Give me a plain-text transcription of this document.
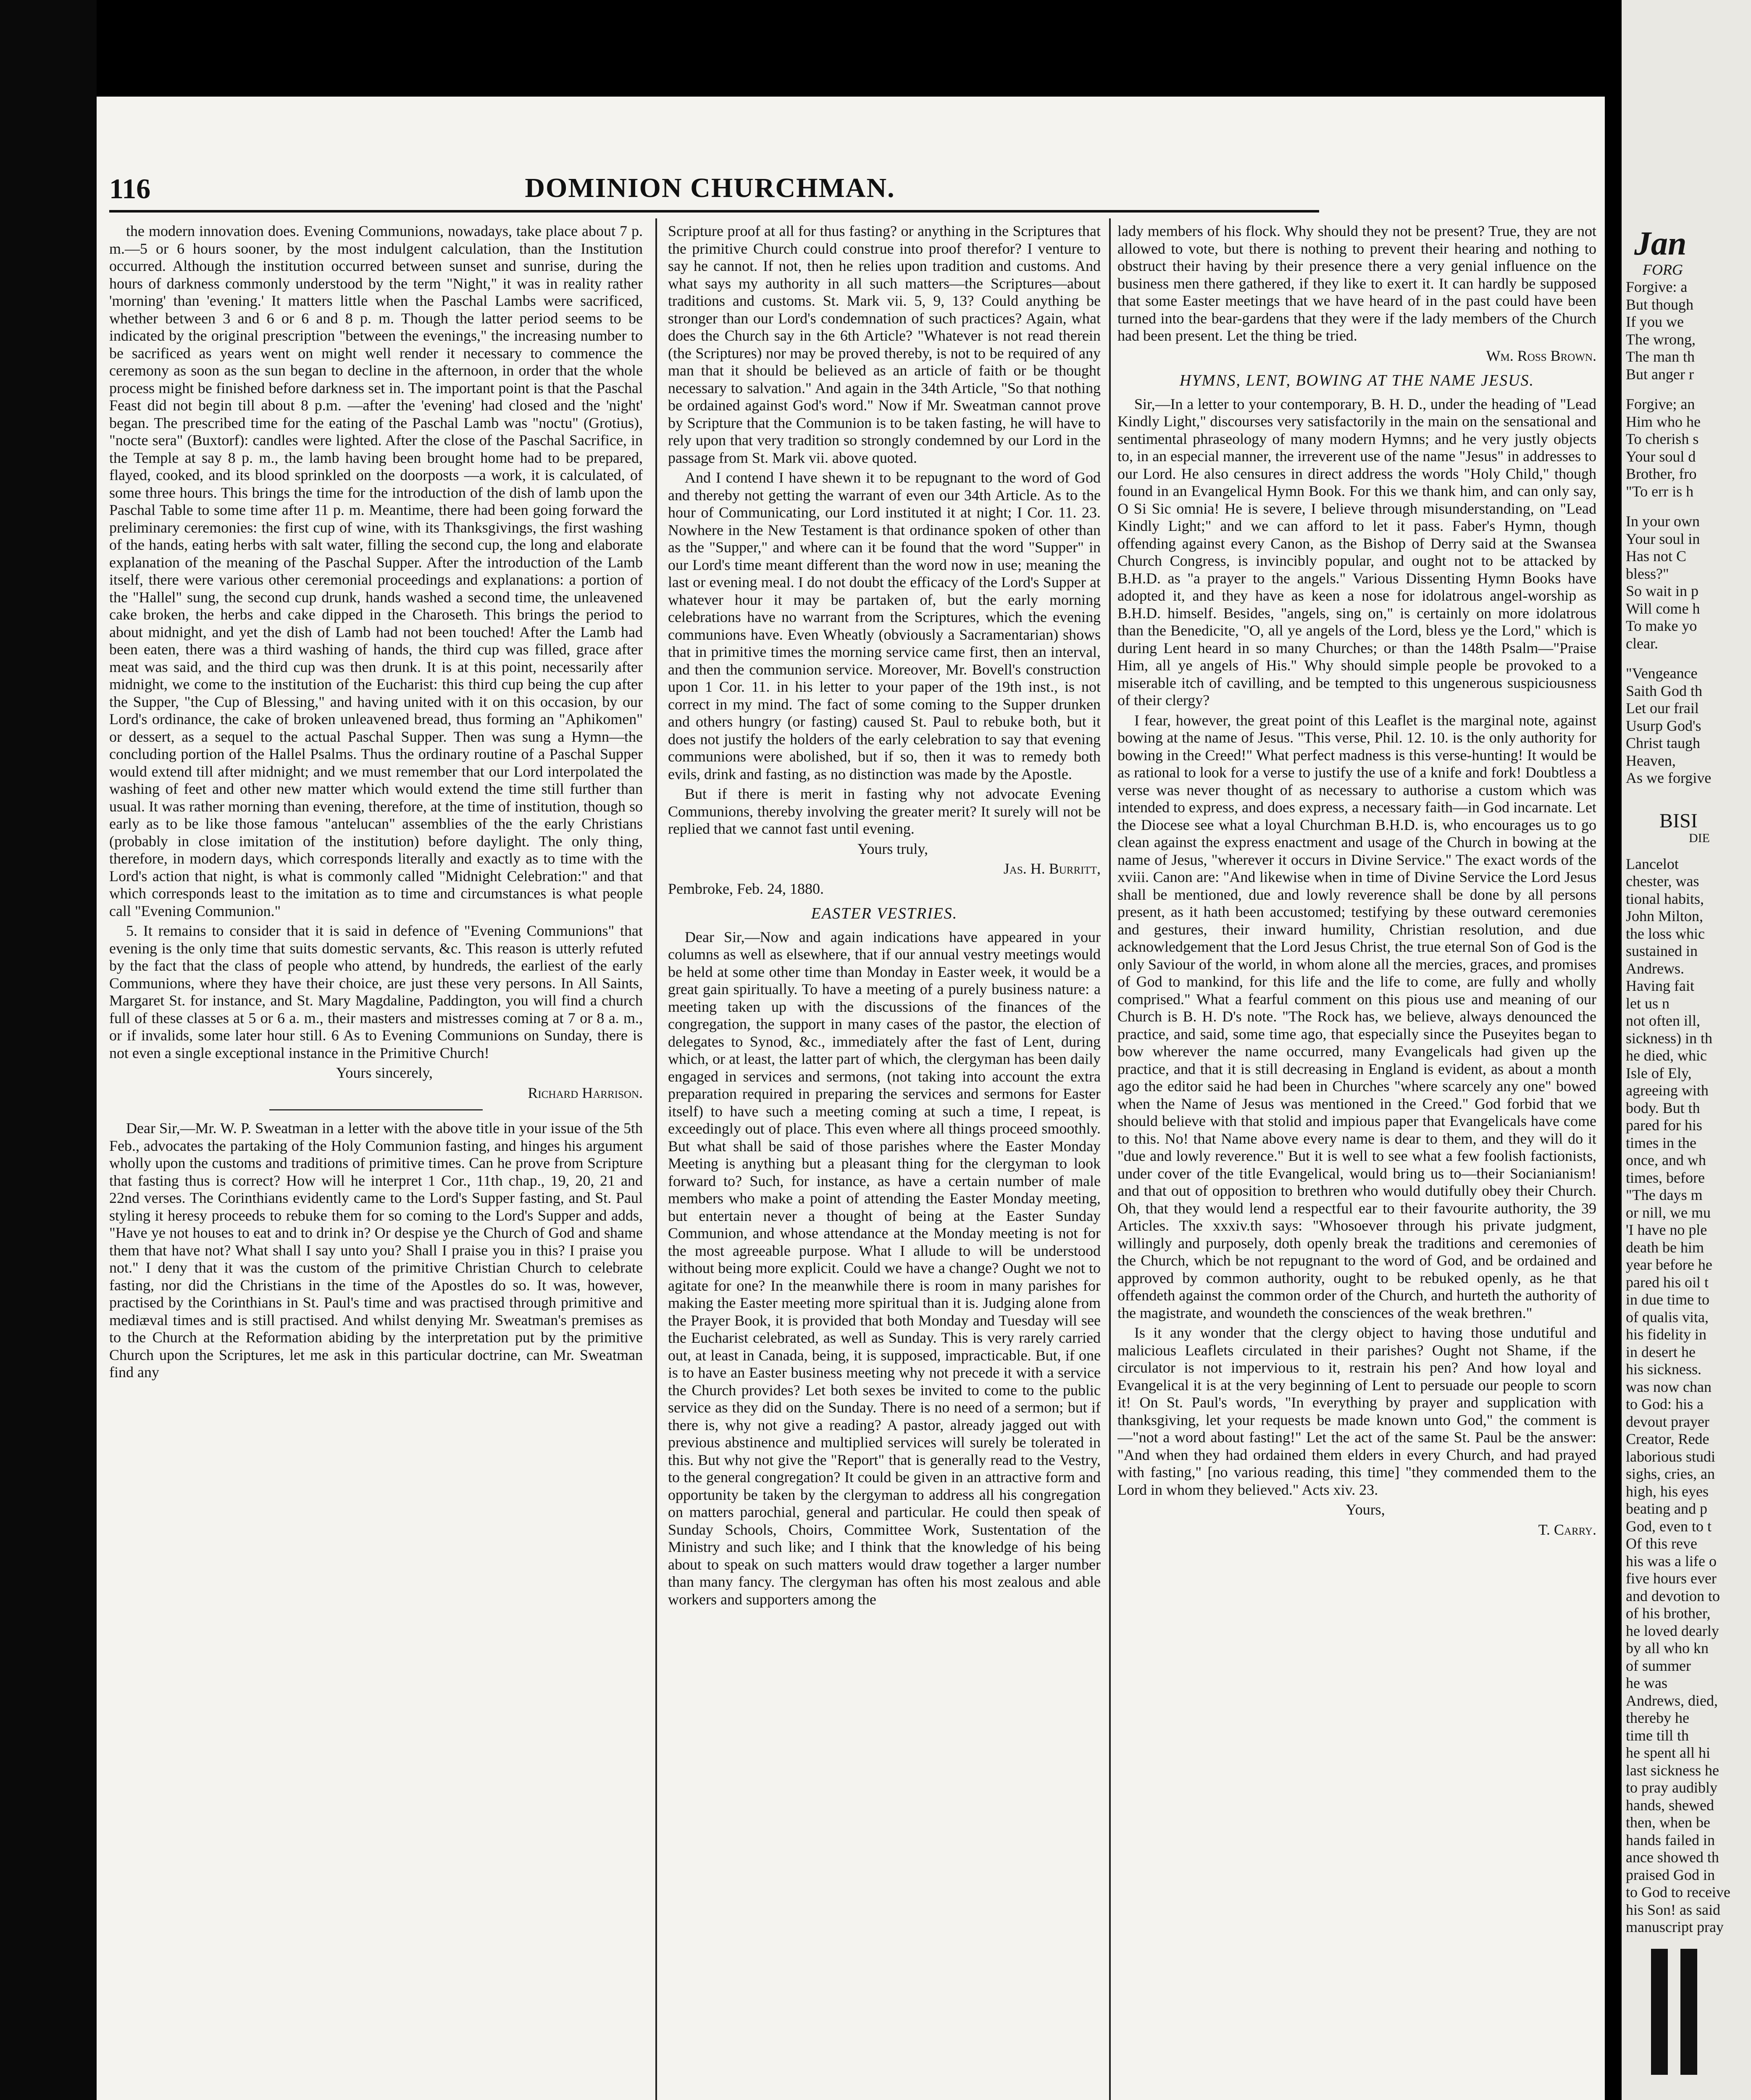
116	DOMINION CHURCHMAN.

the modern innovation does. Evening Communions, nowadays, take place about 7 p. m.—5 or 6 hours sooner, by the most indulgent calculation, than the Institution occurred. Although the institution occurred between sunset and sunrise, during the hours of darkness commonly understood by the term "Night," it was in reality rather 'morning' than 'evening.' It matters little when the Paschal Lambs were sacrificed, whether between 3 and 6 or 6 and 8 p. m. Though the latter period seems to be indicated by the original prescription "between the evenings," the increasing number to be sacrificed as years went on might well render it necessary to commence the ceremony as soon as the sun began to decline in the afternoon, in order that the whole process might be finished before darkness set in. The important point is that the Paschal Feast did not begin till about 8 p.m. —after the 'evening' had closed and the 'night' began. The prescribed time for the eating of the Paschal Lamb was "noctu" (Grotius), "nocte sera" (Buxtorf): candles were lighted. After the close of the Paschal Sacrifice, in the Temple at say 8 p. m., the lamb having been brought home had to be prepared, flayed, cooked, and its blood sprinkled on the doorposts —a work, it is calculated, of some three hours. This brings the time for the introduction of the dish of lamb upon the Paschal Table to some time after 11 p. m. Meantime, there had been going forward the preliminary ceremonies: the first cup of wine, with its Thanksgivings, the first washing of the hands, eating herbs with salt water, filling the second cup, the long and elaborate explanation of the meaning of the Paschal Supper. After the introduction of the Lamb itself, there were various other ceremonial proceedings and explanations: a portion of the "Hallel" sung, the second cup drunk, hands washed a second time, the unleavened cake broken, the herbs and cake dipped in the Charoseth. This brings the period to about midnight, and yet the dish of Lamb had not been touched! After the Lamb had been eaten, there was a third washing of hands, the third cup was filled, grace after meat was said, and the third cup was then drunk. It is at this point, necessarily after midnight, we come to the institution of the Eucharist: this third cup being the cup after the Supper, "the Cup of Blessing," and having united with it on this occasion, by our Lord's ordinance, the cake of broken unleavened bread, thus forming an "Aphikomen" or dessert, as a sequel to the actual Paschal Supper. Then was sung a Hymn—the concluding portion of the Hallel Psalms. Thus the ordinary routine of a Paschal Supper would extend till after midnight; and we must remember that our Lord interpolated the washing of feet and other new matter which would extend the time still further than usual. It was rather morning than evening, therefore, at the time of institution, though so early as to be like those famous "antelucan" assemblies of the the early Christians (probably in close imitation of the institution) before daylight. The only thing, therefore, in modern days, which corresponds literally and exactly as to time with the Lord's action that night, is what is commonly called "Midnight Celebration:" and that which corresponds least to the imitation as to time and circumstances is what people call "Evening Communion."

5. It remains to consider that it is said in defence of "Evening Communions" that evening is the only time that suits domestic servants, &c. This reason is utterly refuted by the fact that the class of people who attend, by hundreds, the earliest of the early Communions, where they have their choice, are just these very persons. In All Saints, Margaret St. for instance, and St. Mary Magdaline, Paddington, you will find a church full of these classes at 5 or 6 a. m., their masters and mistresses coming at 7 or 8 a. m., or if invalids, some later hour still. 6 As to Evening Communions on Sunday, there is not even a single exceptional instance in the Primitive Church!

Yours sincerely,

Richard Harrison.

Dear Sir,—Mr. W. P. Sweatman in a letter with the above title in your issue of the 5th Feb., advocates the partaking of the Holy Communion fasting, and hinges his argument wholly upon the customs and traditions of primitive times. Can he prove from Scripture that fasting thus is correct? How will he interpret 1 Cor., 11th chap., 19, 20, 21 and 22nd verses. The Corinthians evidently came to the Lord's Supper fasting, and St. Paul styling it heresy proceeds to rebuke them for so coming to the Lord's Supper and adds, "Have ye not houses to eat and to drink in? Or despise ye the Church of God and shame them that have not? What shall I say unto you? Shall I praise you in this? I praise you not." I deny that it was the custom of the primitive Christian Church to celebrate fasting, nor did the Christians in the time of the Apostles do so. It was, however, practised by the Corinthians in St. Paul's time and was practised through primitive and mediæval times and is still practised. And whilst denying Mr. Sweatman's premises as to the Church at the Reformation abiding by the interpretation put by the primitive Church upon the Scriptures, let me ask in this particular doctrine, can Mr. Sweatman find any

Scripture proof at all for thus fasting? or anything in the Scriptures that the primitive Church could construe into proof therefor? I venture to say he cannot. If not, then he relies upon tradition and customs. And what says my authority in all such matters—the Scriptures—about traditions and customs. St. Mark vii. 5, 9, 13? Could anything be stronger than our Lord's condemnation of such practices? Again, what does the Church say in the 6th Article? "Whatever is not read therein (the Scriptures) nor may be proved thereby, is not to be required of any man that it should be believed as an article of faith or be thought necessary to salvation." And again in the 34th Article, "So that nothing be ordained against God's word." Now if Mr. Sweatman cannot prove by Scripture that the Communion is to be taken fasting, he will have to rely upon that very tradition so strongly condemned by our Lord in the passage from St. Mark vii. above quoted.

And I contend I have shewn it to be repugnant to the word of God and thereby not getting the warrant of even our 34th Article. As to the hour of Communicating, our Lord instituted it at night; I Cor. 11. 23. Nowhere in the New Testament is that ordinance spoken of other than as the "Supper," and where can it be found that the word "Supper" in our Lord's time meant different than the word now in use; meaning the last or evening meal. I do not doubt the efficacy of the Lord's Supper at whatever hour it may be partaken of, but the early morning celebrations have no warrant from the Scriptures, which the evening communions have. Even Wheatly (obviously a Sacramentarian) shows that in primitive times the morning service came first, then an interval, and then the communion service. Moreover, Mr. Bovell's construction upon 1 Cor. 11. in his letter to your paper of the 19th inst., is not correct in my mind. The fact of some coming to the Supper drunken and others hungry (or fasting) caused St. Paul to rebuke both, but it does not justify the holders of the early celebration to say that evening communions were abolished, but if so, then it was to remedy both evils, drink and fasting, as no distinction was made by the Apostle.

But if there is merit in fasting why not advocate Evening Communions, thereby involving the greater merit? It surely will not be replied that we cannot fast until evening.

Yours truly,

Jas. H. Burritt,

Pembroke, Feb. 24, 1880.

EASTER VESTRIES.

Dear Sir,—Now and again indications have appeared in your columns as well as elsewhere, that if our annual vestry meetings would be held at some other time than Monday in Easter week, it would be a great gain spiritually. To have a meeting of a purely business nature: a meeting taken up with the discussions of the finances of the congregation, the support in many cases of the pastor, the election of delegates to Synod, &c., immediately after the fast of Lent, during which, or at least, the latter part of which, the clergyman has been daily engaged in services and sermons, (not taking into account the extra preparation required in preparing the services and sermons for Easter itself) to have such a meeting coming at such a time, I repeat, is exceedingly out of place. This even where all things proceed smoothly. But what shall be said of those parishes where the Easter Monday Meeting is anything but a pleasant thing for the clergyman to look forward to? Such, for instance, as have a certain number of male members who make a point of attending the Easter Monday meeting, but entertain never a thought of being at the Easter Sunday Communion, and whose attendance at the Monday meeting is not for the most agreeable purpose. What I allude to will be understood without being more explicit. Could we have a change? Ought we not to agitate for one? In the meanwhile there is room in many parishes for making the Easter meeting more spiritual than it is. Judging alone from the Prayer Book, it is provided that both Monday and Tuesday will see the Eucharist celebrated, as well as Sunday. This is very rarely carried out, at least in Canada, being, it is supposed, impracticable. But, if one is to have an Easter business meeting why not precede it with a service the Church provides? Let both sexes be invited to come to the public service as they did on the Sunday. There is no need of a sermon; but if there is, why not give a reading? A pastor, already jagged out with previous abstinence and multiplied services will surely be tolerated in this. But why not give the "Report" that is generally read to the Vestry, to the general congregation? It could be given in an attractive form and opportunity be taken by the clergyman to address all his congregation on matters parochial, general and particular. He could then speak of Sunday Schools, Choirs, Committee Work, Sustentation of the Ministry and such like; and I think that the knowledge of his being about to speak on such matters would draw together a larger number than many fancy. The clergyman has often his most zealous and able workers and supporters among the

lady members of his flock. Why should they not be present? True, they are not allowed to vote, but there is nothing to prevent their hearing and nothing to obstruct their having by their presence there a very genial influence on the business men there gathered, if they like to exert it. It can hardly be supposed that some Easter meetings that we have heard of in the past could have been turned into the bear-gardens that they were if the lady members of the Church had been present. Let the thing be tried.

Wm. Ross Brown.

HYMNS, LENT, BOWING AT THE NAME JESUS.

Sir,—In a letter to your contemporary, B. H. D., under the heading of "Lead Kindly Light," discourses very satisfactorily in the main on the sensational and sentimental phraseology of many modern Hymns; and he very justly objects to, in an especial manner, the irreverent use of the name "Jesus" in addresses to our Lord. He also censures in direct address the words "Holy Child," though found in an Evangelical Hymn Book. For this we thank him, and can only say, O Si Sic omnia! He is severe, I believe through misunderstanding, on "Lead Kindly Light;" and we can afford to let it pass. Faber's Hymn, though offending against every Canon, as the Bishop of Derry said at the Swansea Church Congress, is invincibly popular, and ought not to be attacked by B.H.D. as "a prayer to the angels." Various Dissenting Hymn Books have adopted it, and they have as keen a nose for idolatrous angel-worship as B.H.D. himself. Besides, "angels, sing on," is certainly on more idolatrous than the Benedicite, "O, all ye angels of the Lord, bless ye the Lord," which is during Lent heard in so many Churches; or than the 148th Psalm—"Praise Him, all ye angels of His." Why should simple people be provoked to a miserable itch of cavilling, and be tempted to this ungenerous suspiciousness of their clergy?

I fear, however, the great point of this Leaflet is the marginal note, against bowing at the name of Jesus. "This verse, Phil. 12. 10. is the only authority for bowing in the Creed!" What perfect madness is this verse-hunting! It would be as rational to look for a verse to justify the use of a knife and fork! Doubtless a verse was never thought of as necessary to authorise a custom which was intended to express, and does express, a necessary faith—in God incarnate. Let the Diocese see what a loyal Churchman B.H.D. is, who encourages us to go clean against the express enactment and usage of the Church in bowing at the name of Jesus, "wherever it occurs in Divine Service." The exact words of the xviii. Canon are: "And likewise when in time of Divine Service the Lord Jesus shall be mentioned, due and lowly reverence shall be done by all persons present, as it hath been accustomed; testifying by these outward ceremonies and gestures, their inward humility, Christian resolution, and due acknowledgement that the Lord Jesus Christ, the true eternal Son of God is the only Saviour of the world, in whom alone all the mercies, graces, and promises of God to mankind, for this life and the life to come, are fully and wholly comprised." What a fearful comment on this pious use and meaning of our Church is B. H. D's note. "The Rock has, we believe, always denounced the practice, and said, some time ago, that especially since the Puseyites began to bow wherever the name occurred, many Evangelicals had given up the practice, and that it is still decreasing in England is evident, as about a month ago the editor said he had been in Churches "where scarcely any one" bowed when the Name of Jesus was mentioned in the Creed." God forbid that we should believe with that stolid and impious paper that Evangelicals have come to this. No! that Name above every name is dear to them, and they will do it "due and lowly reverence." But it is well to see what a few foolish factionists, under cover of the title Evangelical, would bring us to—their Socianianism! and that out of opposition to brethren who would dutifully obey their Church. Oh, that they would lend a respectful ear to their favourite authority, the 39 Articles. The xxxiv.th says: "Whosoever through his private judgment, willingly and purposely, doth openly break the traditions and ceremonies of the Church, which be not repugnant to the word of God, and be ordained and approved by common authority, ought to be rebuked openly, as he that offendeth against the common order of the Church, and hurteth the authority of the magistrate, and woundeth the consciences of the weak brethren."

Is it any wonder that the clergy object to having those undutiful and malicious Leaflets circulated in their parishes? Ought not Shame, if the circulator is not impervious to it, restrain his pen? And how loyal and Evangelical it is at the very beginning of Lent to persuade our people to scorn it! On St. Paul's words, "In everything by prayer and supplication with thanksgiving, let your requests be made known unto God," the comment is—"not a word about fasting!" Let the act of the same St. Paul be the answer: "And when they had ordained them elders in every Church, and had prayed with fasting," [no various reading, this time] "they commended them to the Lord in whom they believed." Acts xiv. 23.

Yours,

T. Carry.

Jan
FORG
Forgive: a
But though
If you we
The wrong,
The man th
But anger r
Forgive; an
Him who he
To cherish s
Your soul d
Brother, fro
"To err is h
In your own
Your soul in
Has not C
bless?"
So wait in p
Will come h
To make yo
clear.
"Vengeance
Saith God th
Let our frail
Usurp God's
Christ taugh
Heaven,
As we forgive
BISI
DIE
Lancelot
chester, was
tional habits,
John Milton,
the loss whic
sustained in
Andrews.
Having fait
let us n
not often ill,
sickness) in th
he died, whic
Isle of Ely,
agreeing with
body. But th
pared for his
times in the
once, and wh
times, before
"The days m
or nill, we mu
'I have no ple
death be him
year before he
pared his oil t
in due time to
of qualis vita,
his fidelity in
in desert he
his sickness.
was now chan
to God: his a
devout prayer
Creator, Rede
laborious studi
sighs, cries, an
high, his eyes
beating and p
God, even to t
Of this reve
his was a life o
five hours ever
and devotion to
of his brother,
he loved dearly
by all who kn
of summer
he was
Andrews, died,
thereby he
time till th
he spent all hi
last sickness he
to pray audibly
hands, shewed
then, when be
hands failed in
ance showed th
praised God in
to God to receive
his Son! as said
manuscript pray
